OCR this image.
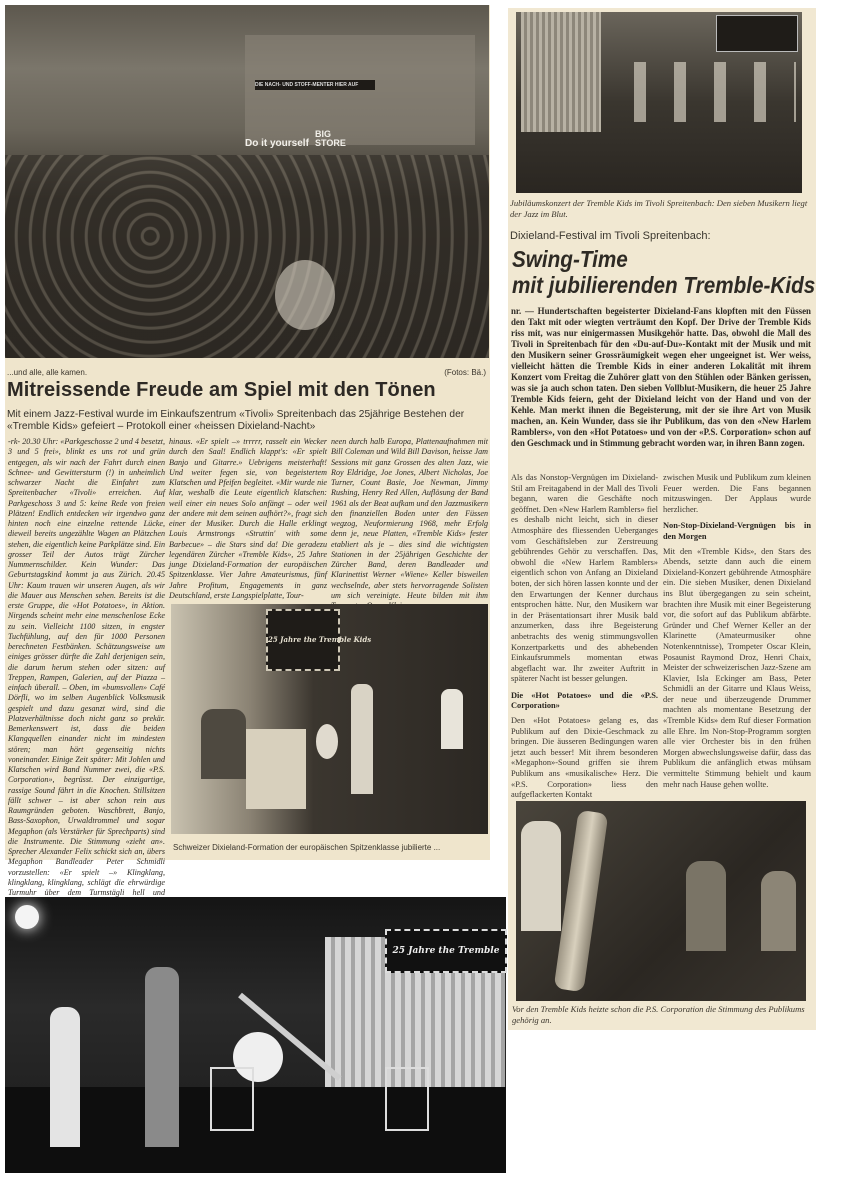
DIE NACH- UND STOFF-MENTER HIER AUF
Do it yourself
BIG STORE
...und alle, alle kamen.	(Fotos: Bä.)
Mitreissende Freude am Spiel mit den Tönen
Mit einem Jazz-Festival wurde im Einkaufszentrum «Tivoli» Spreitenbach das 25jährige Bestehen der «Tremble Kids» gefeiert – Protokoll einer «heissen Dixieland-Nacht»
-rk- 20.30 Uhr: «Parkgeschosse 2 und 4 besetzt, 3 und 5 frei», blinkt es uns rot und grün entgegen, als wir nach der Fahrt durch einen Schnee- und Gewittersturm (!) in unheimlich schwarzer Nacht die Einfahrt zum Spreitenbacher «Tivoli» erreichen. Auf Parkgeschoss 3 und 5: keine Rede von freien Plätzen! Endlich entdecken wir irgendwo ganz hinten noch eine einzelne rettende Lücke, dieweil bereits ungezählte Wagen an Plätzchen stehen, die eigentlich keine Parkplätze sind. Ein grosser Teil der Autos trägt Zürcher Nummernschilder. Kein Wunder: Das Geburtstagskind kommt ja aus Zürich. 20.45 Uhr: Kaum trauen wir unseren Augen, als wir die Mauer aus Menschen sehen. Bereits ist die erste Gruppe, die «Hot Potatoes», in Aktion. Nirgends scheint mehr eine menschenlose Ecke zu sein. Vielleicht 1100 sitzen, in engster Tuchfühlung, auf den für 1000 Personen berechneten Festbänken. Schätzungsweise um einiges grösser dürfte die Zahl derjenigen sein, die darum herum stehen oder sitzen: auf Treppen, Rampen, Galerien, auf der Piazza – einfach überall. – Oben, im «bumsvollen» Café Dörfli, wo im selben Augenblick Volksmusik gespielt und dazu gesanzt wird, sind die Platzverhältnisse doch nicht ganz so prekär. Bemerkenswert ist, dass die beiden Klangquellen einander nicht im mindesten stören; man hört gegenseitig nichts voneinander. Einige Zeit später: Mit Johlen und Klatschen wird Band Nummer zwei, die «P.S. Corporation», begrüsst. Der einzigartige, rassige Sound fährt in die Knochen. Stillsitzen fällt schwer – ist aber schon rein aus Raumgründen geboten. Waschbrett, Banjo, Bass-Saxophon, Urwaldtrommel und sogar Megaphon (als Verstärker für Sprechparts) sind die Instrumente. Die Stimmung «zieht an». Sprecher Alexander Felix schickt sich an, übers Megaphon Bandleader Peter Schmidli vorzustellen: «Er spielt –» Klingklang, klingklang, klingklang, schlägt die ehrwürdige Turmuhr über dem Turmstägli hell und
hinaus. «Er spielt –» trrrrr, rasselt ein Wecker durch den Saal! Endlich klappt's: «Er spielt Banjo und Gitarre.» Uebrigens meisterhaft! Und weiter fegen sie, von begeistertem Klatschen und Pfeifen begleitet. «Mir wurde nie klar, weshalb die Leute eigentlich klatschen: weil einer ein neues Solo anfängt – oder weil der andere mit dem seinen aufhört?», fragt sich einer der Musiker. Durch die Halle erklingt Louis Armstrongs «Struttin' with some Barbecue» – die Stars sind da! Die geradezu legendären Zürcher «Tremble Kids», 25 Jahre junge Dixieland-Formation der europäischen Spitzenklasse. Vier Jahre Amateurismus, fünf Jahre Profitum, Engagements in ganz Deutschland, erste Langspielplatte, Tour-
neen durch halb Europa, Plattenaufnahmen mit Bill Coleman und Wild Bill Davison, heisse Jam Sessions mit ganz Grossen des alten Jazz, wie Roy Eldridge, Joe Jones, Albert Nicholas, Joe Turner, Count Basie, Joe Newman, Jimmy Rushing, Henry Red Allen, Auflösung der Band 1961 als der Beat aufkam und den Jazzmusikern den finanziellen Boden unter den Füssen wegzog, Neuformierung 1968, mehr Erfolg denn je, neue Platten, «Tremble Kids» fester etabliert als je – dies sind die wichtigsten Stationen in der 25jährigen Geschichte der Zürcher Band, deren Bandleader und Klarinettist Werner «Wiene» Keller bisweilen wechselnde, aber stets hervorragende Solisten um sich vereinigte. Heute bilden mit ihm
25 Jahre the Tremble Kids
Schweizer Dixieland-Formation der europäischen Spitzenklasse jubilierte ...
Jubiläumskonzert der Tremble Kids im Tivoli Spreitenbach: Den sieben Musikern liegt der Jazz im Blut.
Dixieland-Festival im Tivoli Spreitenbach:
Swing-Time
mit jubilierenden Tremble-Kids
nr. — Hundertschaften begeisterter Dixieland-Fans klopften mit den Füssen den Takt mit oder wiegten verträumt den Kopf. Der Drive der Tremble Kids riss mit, was nur einigermassen Musikgehör hatte. Das, obwohl die Mall des Tivoli in Spreitenbach für den «Du-auf-Du»-Kontakt mit der Musik und mit den Musikern seiner Grossräumigkeit wegen eher ungeeignet ist. Wer weiss, vielleicht hätten die Tremble Kids in einer anderen Lokalität mit ihrem Konzert vom Freitag die Zuhörer glatt von den Stühlen oder Bänken gerissen, was sie ja auch schon taten. Den sieben Vollblut-Musikern, die heuer 25 Jahre Tremble Kids feiern, geht der Dixieland leicht von der Hand und von der Kehle. Man merkt ihnen die Begeisterung, mit der sie ihre Art von Musik machen, an. Kein Wunder, dass sie ihr Publikum, das von den «New Harlem Ramblers», von den «Hot Potatoes» und von der «P.S. Corporation» schon auf den Geschmack und in Stimmung gebracht worden war, in ihren Bann zogen.

Als das Nonstop-Vergnügen im Dixieland-Stil am Freitagabend in der Mall des Tivoli begann, waren die Geschäfte noch geöffnet. Den «New Harlem Ramblers» fiel es deshalb nicht leicht, sich in dieser Atmosphäre des fliessenden Ueberganges vom Geschäftsleben zur Zerstreuung gebührendes Gehör zu verschaffen. Das, obwohl die «New Harlem Ramblers» eigentlich schon von Anfang an Dixieland boten, der sich hören lassen konnte und der den Erwartungen der Kenner durchaus entsprochen hätte. Nur, den Musikern war in der Präsentationsart ihrer Musik bald anzumerken, dass ihre Begeisterung anbetrachts des wenig stimmungsvollen Konzertparketts und des abhebenden Einkaufsrummels momentan etwas abgeflacht war. Ihr zweiter Auftritt in späterer Nacht ist besser gelungen.

Die «Hot Potatoes» und die «P.S. Corporation»

Den «Hot Potatoes» gelang es, das Publikum auf den Dixie-Geschmack zu bringen. Die äusseren Bedingungen waren jetzt auch besser! Mit ihrem besonderen «Megaphon»-Sound griffen sie ihrem Publikum ans «musikalische» Herz. Die «P.S. Corporation» liess den aufgeflackerten Kontakt

zwischen Musik und Publikum zum kleinen Feuer werden. Die Fans begannen mitzuswingen. Der Applaus wurde herzlicher.

Non-Stop-Dixieland-Vergnügen bis in den Morgen

Mit den «Tremble Kids», den Stars des Abends, setzte dann auch die einem Dixieland-Konzert gebührende Atmosphäre ein. Die sieben Musiker, denen Dixieland ins Blut übergegangen zu sein scheint, brachten ihre Musik mit einer Begeisterung vor, die sofort auf das Publikum abfärbte. Gründer und Chef Werner Keller an der Klarinette (Amateurmusiker ohne Notenkenntnisse), Trompeter Oscar Klein, Posaunist Raymond Droz, Henri Chaix, Meister der schweizerischen Jazz-Szene am Klavier, Isla Eckinger am Bass, Peter Schmidli an der Gitarre und Klaus Weiss, der neue und überzeugende Drummer machten als momentane Besetzung der «Tremble Kids» dem Ruf dieser Formation alle Ehre. Im Non-Stop-Programm sorgten alle vier Orchester bis in den frühen Morgen abwechslungsweise dafür, dass das Publikum die anfänglich etwas mühsam vermittelte Stimmung behielt und kaum mehr nach Hause gehen wollte.

Vor den Tremble Kids heizte schon die P.S. Corporation die Stimmung des Publikums gehörig an.
25 Jahre the Tremble
